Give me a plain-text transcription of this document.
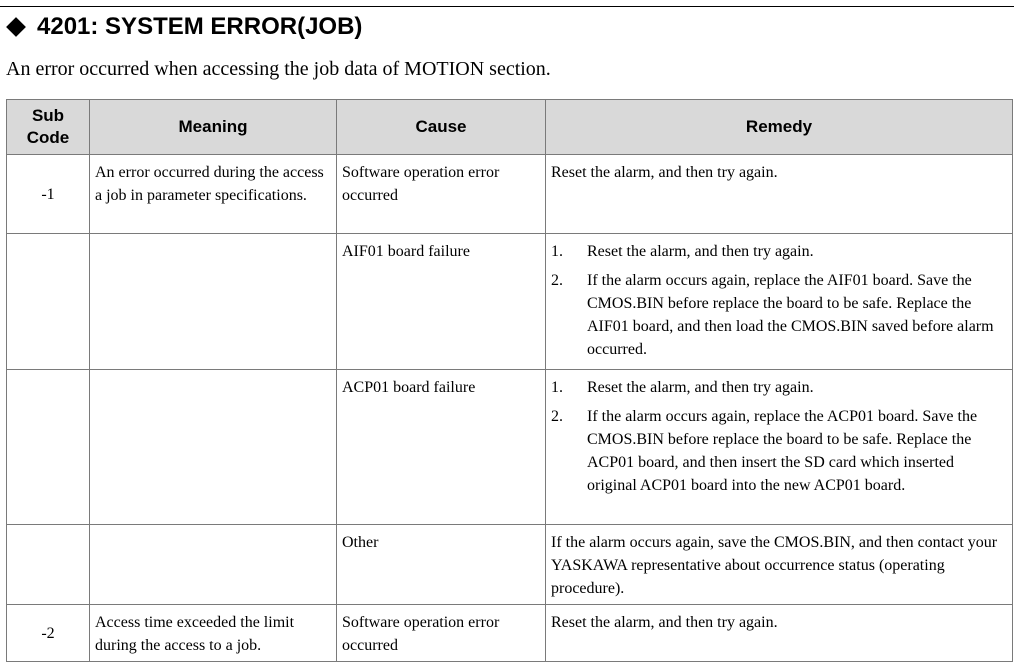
4201: SYSTEM ERROR(JOB)
An error occurred when accessing the job data of MOTION section.
Sub Code	Meaning	Cause	Remedy
-1	An error occurred during the access a job in parameter specifications.	Software operation error occurred	Reset the alarm, and then try again.

		AIF01 board failure	1. Reset the alarm, and then try again.
2. If the alarm occurs again, replace the AIF01 board. Save the CMOS.BIN before replace the board to be safe. Replace the AIF01 board, and then load the CMOS.BIN saved before alarm occurred.

		ACP01 board failure	1. Reset the alarm, and then try again.
2. If the alarm occurs again, replace the ACP01 board. Save the CMOS.BIN before replace the board to be safe. Replace the ACP01 board, and then insert the SD card which inserted original ACP01 board into the new ACP01 board.

		Other	If the alarm occurs again, save the CMOS.BIN, and then contact your YASKAWA representative about occurrence status (operating procedure).

-2	Access time exceeded the limit during the access to a job.	Software operation error occurred	Reset the alarm, and then try again.
